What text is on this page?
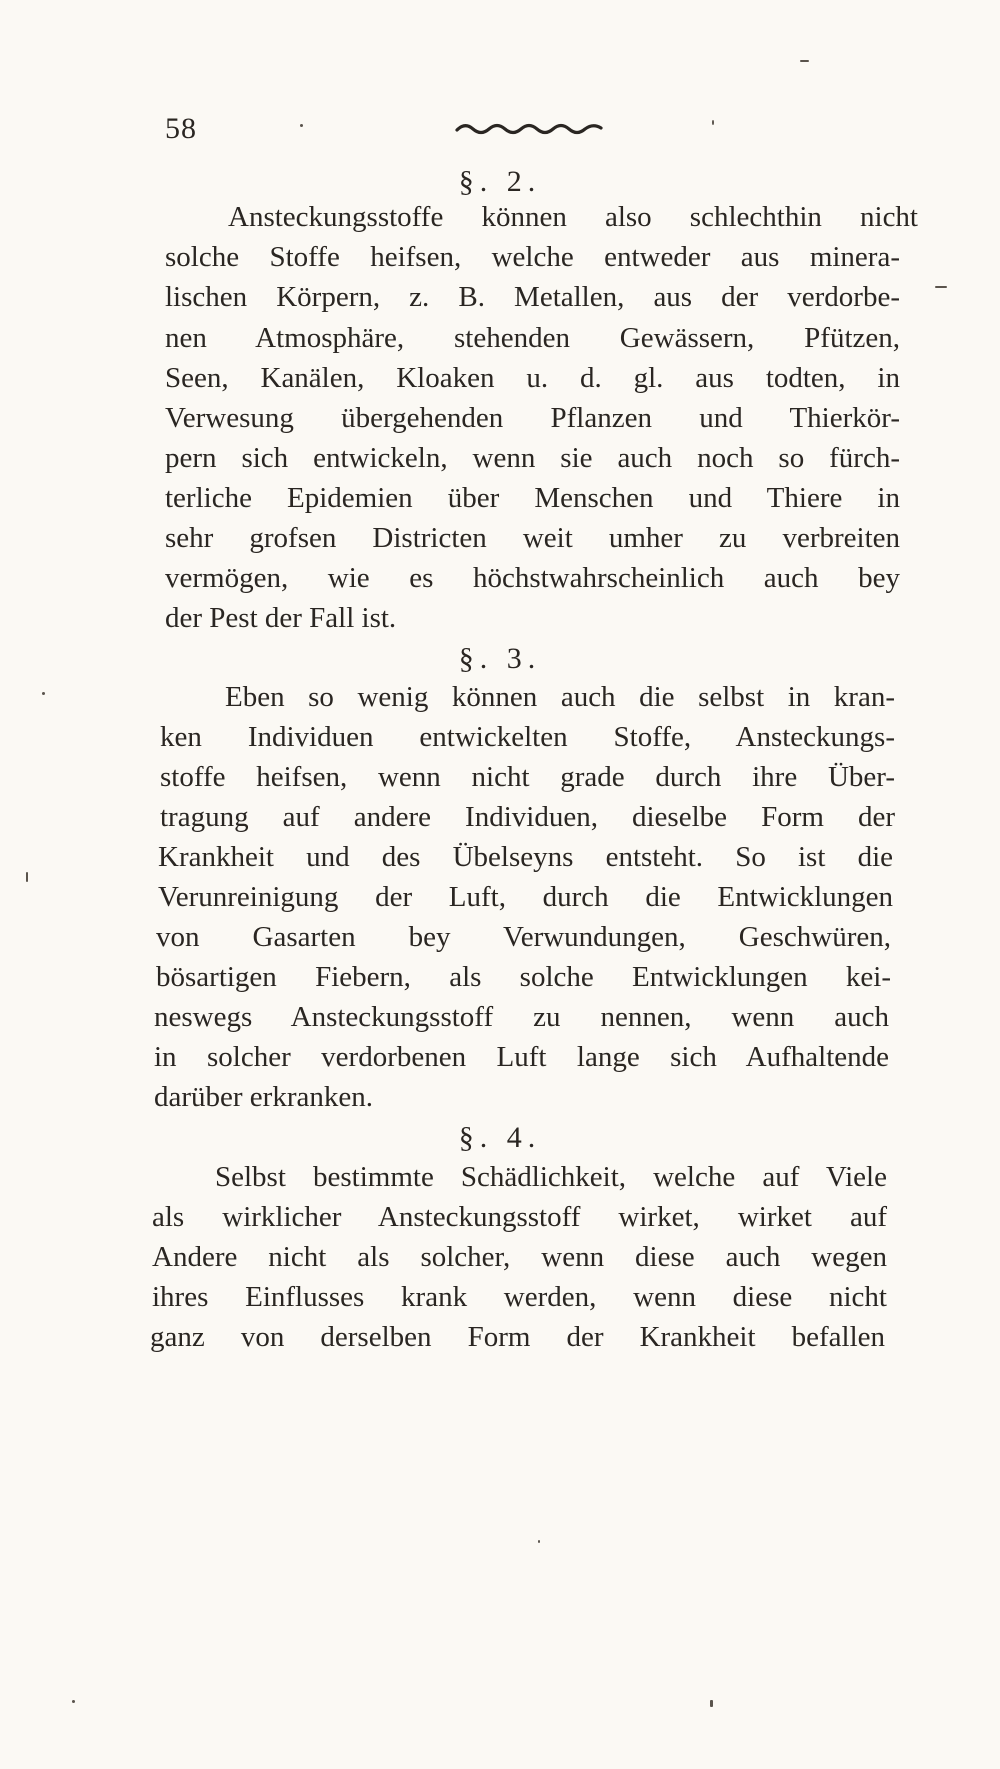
58
§. 2.
Ansteckungsstoffe können also schlechthin nicht
solche Stoffe heifsen, welche entweder aus minera-
lischen Körpern, z. B. Metallen, aus der verdorbe-
nen Atmosphäre, stehenden Gewässern, Pfützen,
Seen, Kanälen, Kloaken u. d. gl. aus todten, in
Verwesung übergehenden Pflanzen und Thierkör-
pern sich entwickeln, wenn sie auch noch so fürch-
terliche Epidemien über Menschen und Thiere in
sehr grofsen Districten weit umher zu verbreiten
vermögen, wie es höchstwahrscheinlich auch bey
der Pest der Fall ist.
§. 3.
Eben so wenig können auch die selbst in kran-
ken Individuen entwickelten Stoffe, Ansteckungs-
stoffe heifsen, wenn nicht grade durch ihre Über-
tragung auf andere Individuen, dieselbe Form der
Krankheit und des Übelseyns entsteht. So ist die
Verunreinigung der Luft, durch die Entwicklungen
von Gasarten bey Verwundungen, Geschwüren,
bösartigen Fiebern, als solche Entwicklungen kei-
neswegs Ansteckungsstoff zu nennen, wenn auch
in solcher verdorbenen Luft lange sich Aufhaltende
darüber erkranken.
§. 4.
Selbst bestimmte Schädlichkeit, welche auf Viele
als wirklicher Ansteckungsstoff wirket, wirket auf
Andere nicht als solcher, wenn diese auch wegen
ihres Einflusses krank werden, wenn diese nicht
ganz von derselben Form der Krankheit befallen
